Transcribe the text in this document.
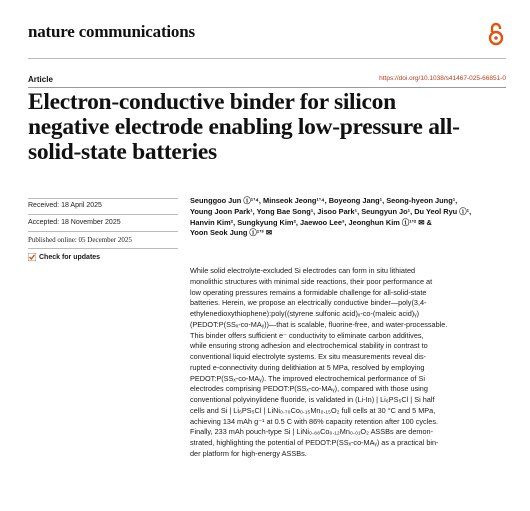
nature communications
Article	https://doi.org/10.1038/s41467-025-66851-0
Electron-conductive binder for silicon
negative electrode enabling low-pressure all-
solid-state batteries
Received: 18 April 2025
Accepted: 18 November 2025
Published online: 05 December 2025
Check for updates

Seunggoo Jun ⓘ¹ʼ⁴, Minseok Jeong¹ʼ⁴, Boyeong Jang¹, Seong-hyeon Jung¹,
Young Joon Park¹, Yong Bae Song¹, Jisoo Park¹, Seungyun Jo¹, Du Yeol Ryu ⓘ¹,
Hanvin Kim², Sungkyung Kim², Jaewoo Lee³, Jeonghun Kim ⓘ¹ʼ² ✉ &
Yoon Seok Jung ⓘ¹ʼ³ ✉

While solid electrolyte-excluded Si electrodes can form in situ lithiated
monolithic structures with minimal side reactions, their poor performance at
low operating pressures remains a formidable challenge for all-solid-state
batteries. Herein, we propose an electrically conductive binder—poly(3,4-
ethylenedioxythiophene):poly((styrene sulfonic acid)ₓ-co-(maleic acid)ᵧ)
(PEDOT:P(SSₓ-co-MAᵧ))—that is scalable, fluorine-free, and water-processable.
This binder offers sufficient e⁻ conductivity to eliminate carbon additives,
while ensuring strong adhesion and electrochemical stability in contrast to
conventional liquid electrolyte systems. Ex situ measurements reveal dis-
rupted e-connectivity during delithiation at 5 MPa, resolved by employing
PEDOT:P(SSₓ-co-MAᵧ). The improved electrochemical performance of Si
electrodes comprising PEDOT:P(SSₓ-co-MAᵧ), compared with those using
conventional polyvinylidene fluoride, is validated in (Li-In) | Li₆PS₅Cl | Si half
cells and Si | Li₆PS₅Cl | LiNi₀.₇₀Co₀.₁₅Mn₀.₁₅O₂ full cells at 30 °C and 5 MPa,
achieving 134 mAh g⁻¹ at 0.5 C with 86% capacity retention after 100 cycles.
Finally, 233 mAh pouch-type Si | LiNi₀.₈₈Co₀.₁₂Mn₀.₀₁O₂ ASSBs are demon-
strated, highlighting the potential of PEDOT:P(SSₓ-co-MAᵧ) as a practical bin-
der platform for high-energy ASSBs.
